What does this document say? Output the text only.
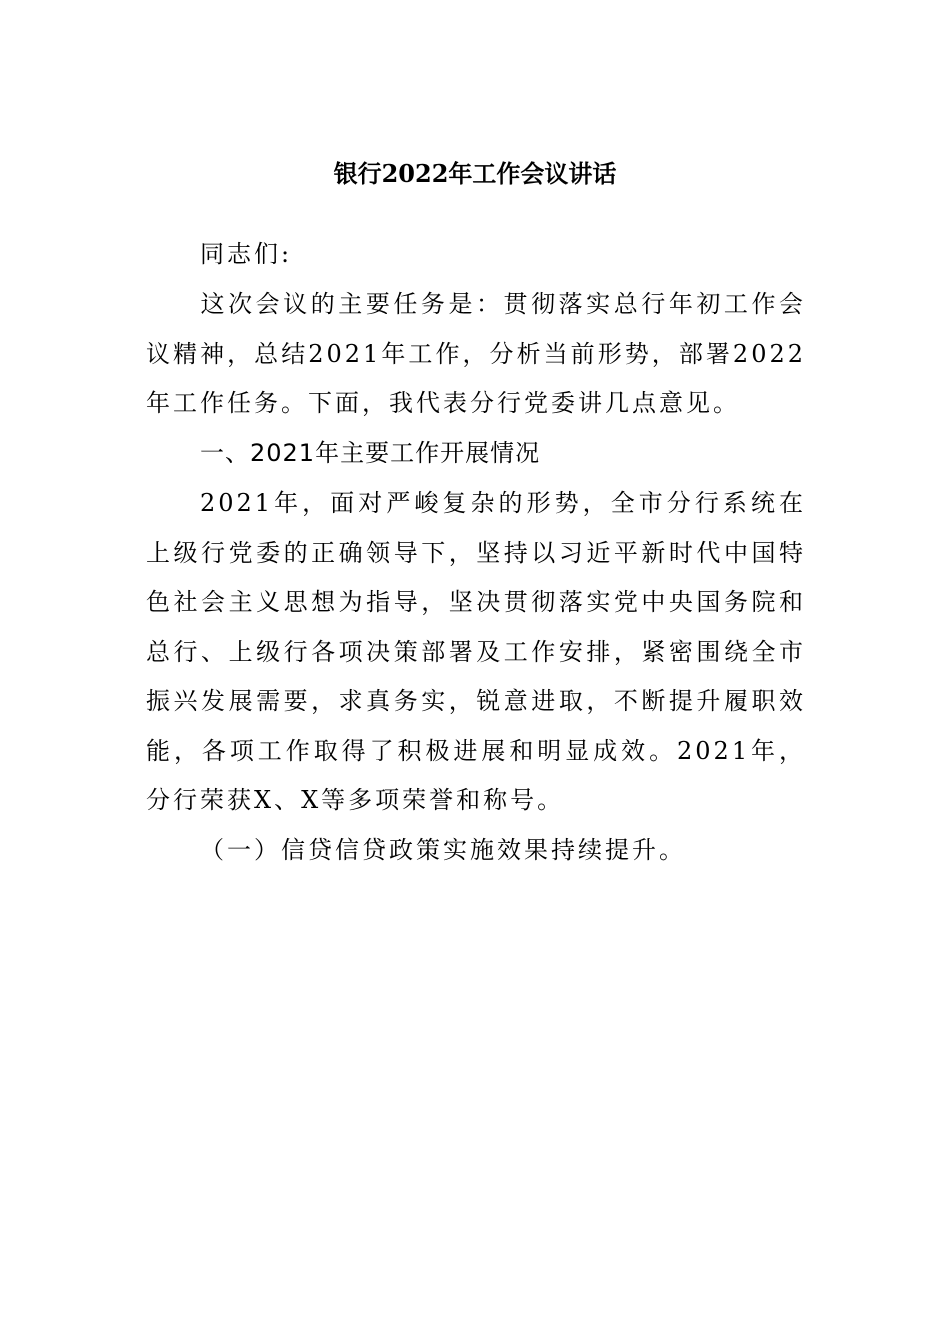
银行2022年工作会议讲话
同志们:
这次会议的主要任务是：贯彻落实总行年初工作会议精神，总结2021年工作，分析当前形势，部署2022年工作任务。下面，我代表分行党委讲几点意见。
一、2021年主要工作开展情况
2021年，面对严峻复杂的形势，全市分行系统在上级行党委的正确领导下，坚持以习近平新时代中国特色社会主义思想为指导，坚决贯彻落实党中央国务院和总行、上级行各项决策部署及工作安排，紧密围绕全市振兴发展需要，求真务实，锐意进取，不断提升履职效能，各项工作取得了积极进展和明显成效。2021年，分行荣获X、X等多项荣誉和称号。
（一）信贷信贷政策实施效果持续提升。
